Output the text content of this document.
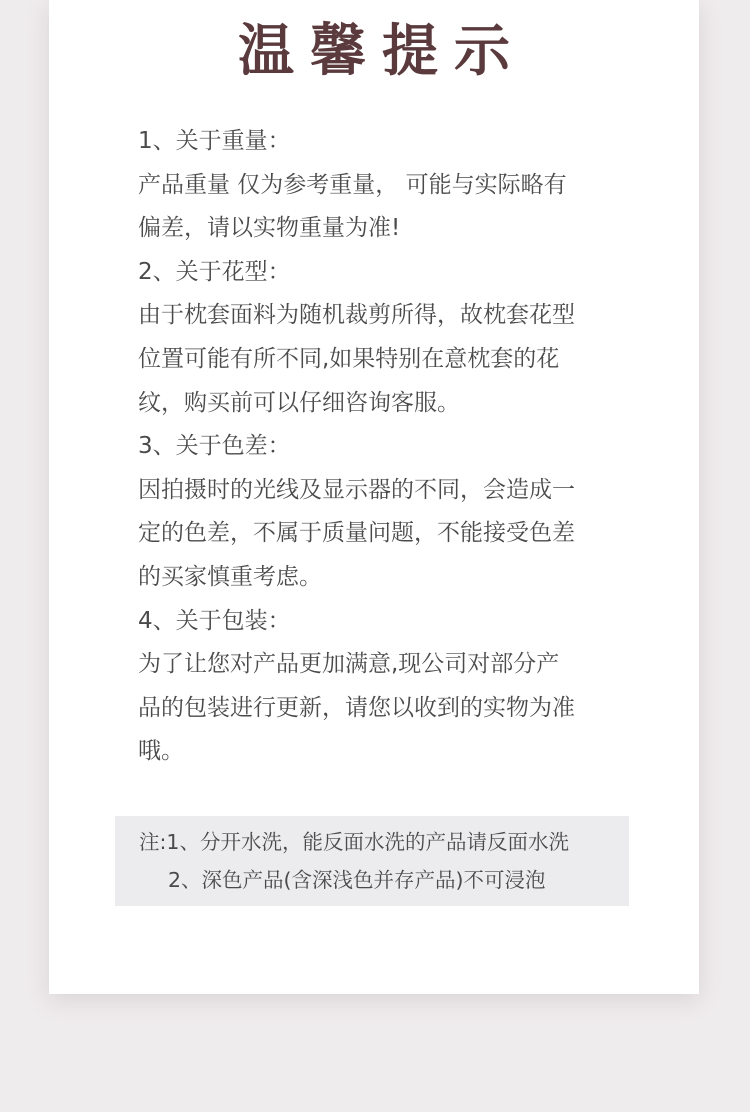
温馨提示

1、关于重量：

产品重量 仅为参考重量， 可能与实际略有

偏差，请以实物重量为准!

2、关于花型：

由于枕套面料为随机裁剪所得，故枕套花型

位置可能有所不同,如果特别在意枕套的花

纹，购买前可以仔细咨询客服。

3、关于色差：

因拍摄时的光线及显示器的不同，会造成一

定的色差，不属于质量问题，不能接受色差

的买家慎重考虑。

4、关于包装：

为了让您对产品更加满意,现公司对部分产

品的包装进行更新，请您以收到的实物为准

哦。

注:1、分开水洗，能反面水洗的产品请反面水洗

2、深色产品(含深浅色并存产品)不可浸泡
